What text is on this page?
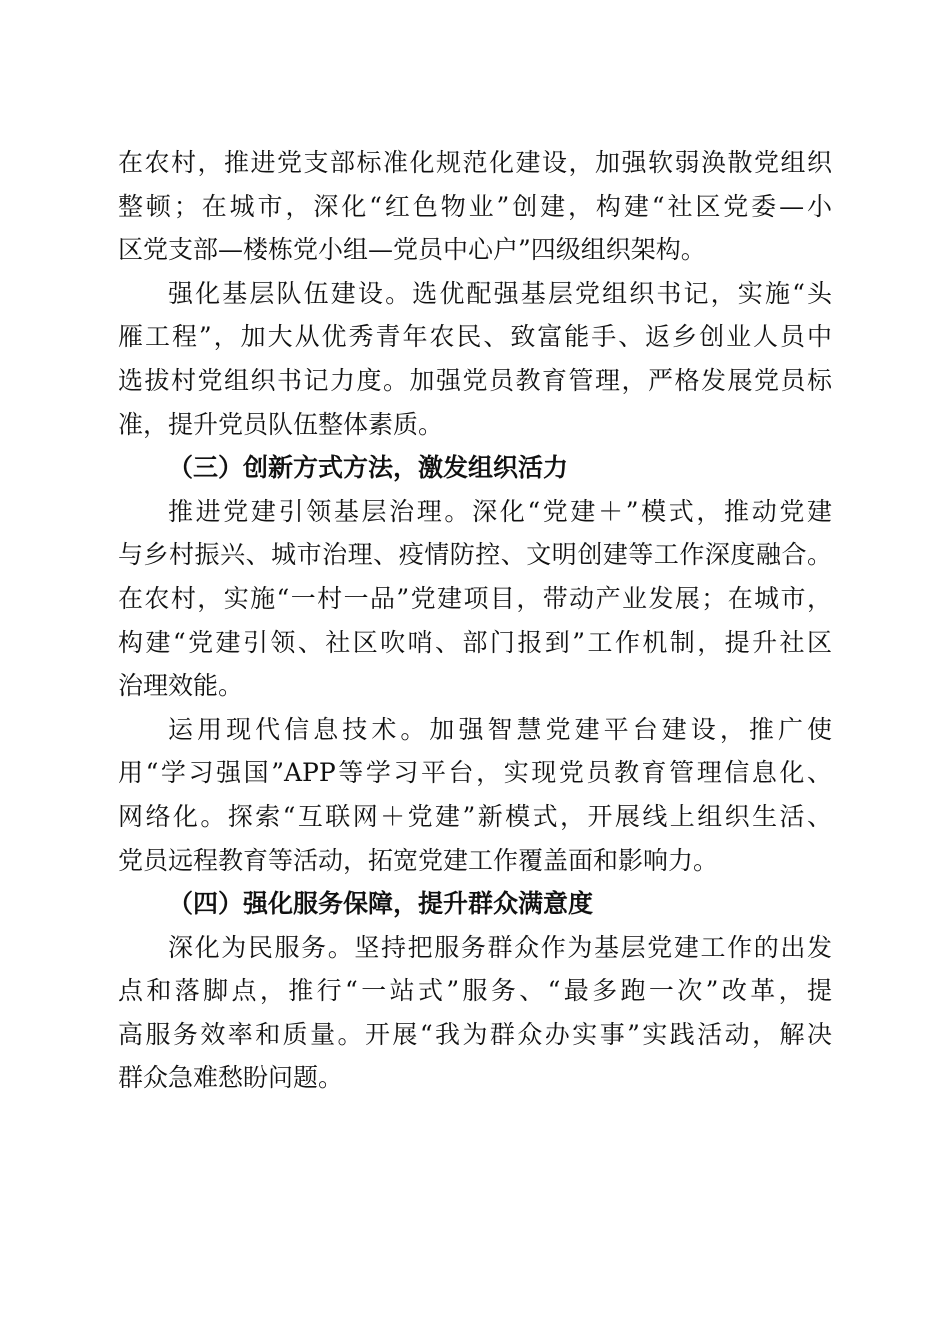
在农村，推进党支部标准化规范化建设，加强软弱涣散党组织
整顿；在城市，深化“红色物业”创建，构建“社区党委—小
区党支部—楼栋党小组—党员中心户”四级组织架构。
强化基层队伍建设。选优配强基层党组织书记，实施“头
雁工程”，加大从优秀青年农民、致富能手、返乡创业人员中
选拔村党组织书记力度。加强党员教育管理，严格发展党员标
准，提升党员队伍整体素质。
（三）创新方式方法，激发组织活力
推进党建引领基层治理。深化“党建＋”模式，推动党建
与乡村振兴、城市治理、疫情防控、文明创建等工作深度融合。
在农村，实施“一村一品”党建项目，带动产业发展；在城市，
构建“党建引领、社区吹哨、部门报到”工作机制，提升社区
治理效能。
运用现代信息技术。加强智慧党建平台建设，推广使
用“学习强国”APP等学习平台，实现党员教育管理信息化、
网络化。探索“互联网＋党建”新模式，开展线上组织生活、
党员远程教育等活动，拓宽党建工作覆盖面和影响力。
（四）强化服务保障，提升群众满意度
深化为民服务。坚持把服务群众作为基层党建工作的出发
点和落脚点，推行“一站式”服务、“最多跑一次”改革，提
高服务效率和质量。开展“我为群众办实事”实践活动，解决
群众急难愁盼问题。
